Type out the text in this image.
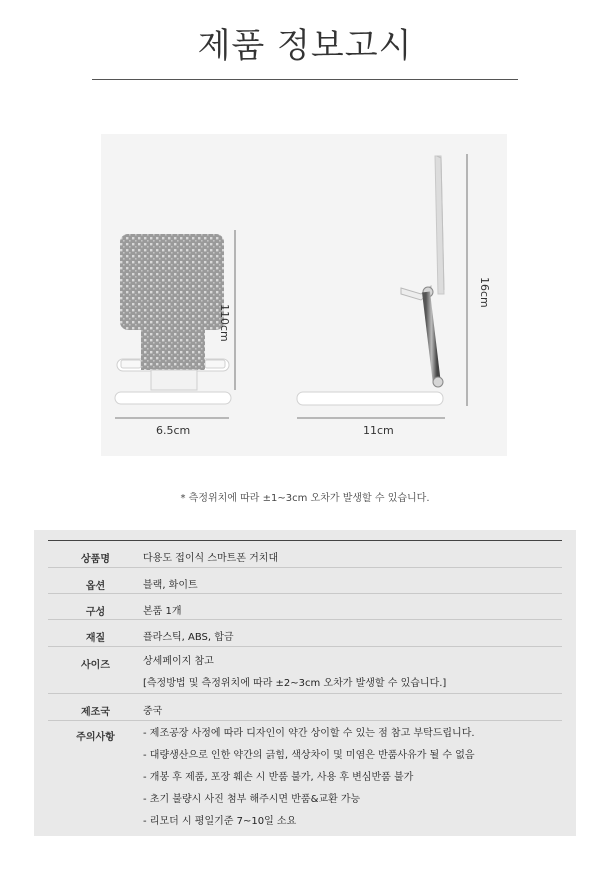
제품 정보고시
6.5cm
110cm
11cm
16cm
* 측정위치에 따라 ±1~3cm 오차가 발생할 수 있습니다.
상품명	다용도 접이식 스마트폰 거치대
옵션	블랙, 화이트
구성	본품 1개
재질	플라스틱, ABS, 합금
사이즈	상세페이지 참고
[측정방법 및 측정위치에 따라 ±2~3cm 오차가 발생할 수 있습니다.]
제조국	중국
주의사항	- 제조공장 사정에 따라 디자인이 약간 상이할 수 있는 점 참고 부탁드립니다.
- 대량생산으로 인한 약간의 긁힘, 색상차이 및 미염은 반품사유가 될 수 없음
- 개봉 후 제품, 포장 훼손 시 반품 불가, 사용 후 변심반품 불가
- 초기 불량시 사진 첨부 해주시면 반품&교환 가능
- 리모더 시 평일기준 7~10일 소요
